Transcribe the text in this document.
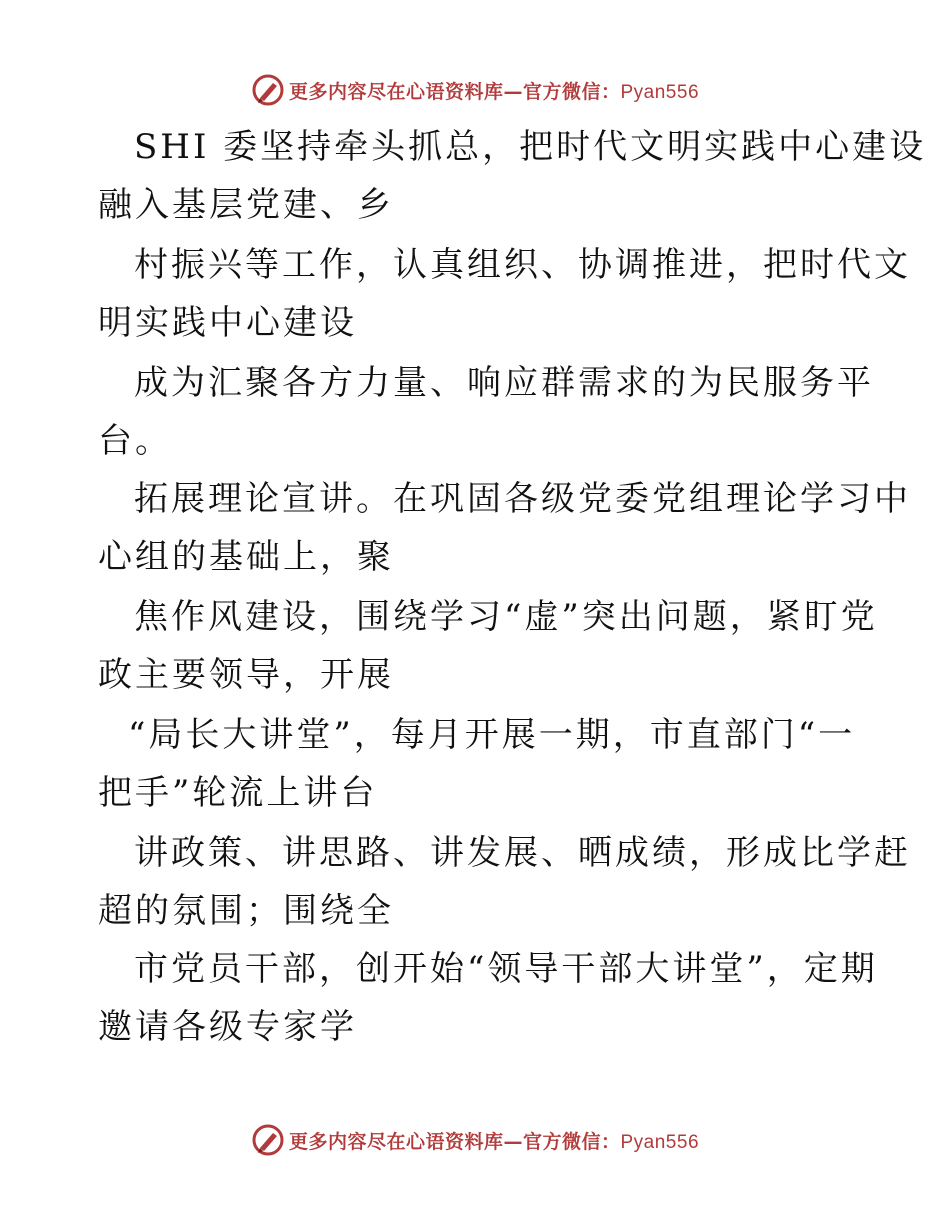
更多内容尽在心语资料库—官方微信：Pyan556
SHI 委坚持牵头抓总，把时代文明实践中心建设
融入基层党建、乡
村振兴等工作，认真组织、协调推进，把时代文
明实践中心建设
成为汇聚各方力量、响应群需求的为民服务平
台。
拓展理论宣讲。在巩固各级党委党组理论学习中
心组的基础上，聚
焦作风建设，围绕学习“虚”突出问题，紧盯党
政主要领导，开展
“局长大讲堂”，每月开展一期，市直部门“一
把手”轮流上讲台
讲政策、讲思路、讲发展、晒成绩，形成比学赶
超的氛围；围绕全
市党员干部，创开始“领导干部大讲堂”，定期
邀请各级专家学
更多内容尽在心语资料库—官方微信：Pyan556
